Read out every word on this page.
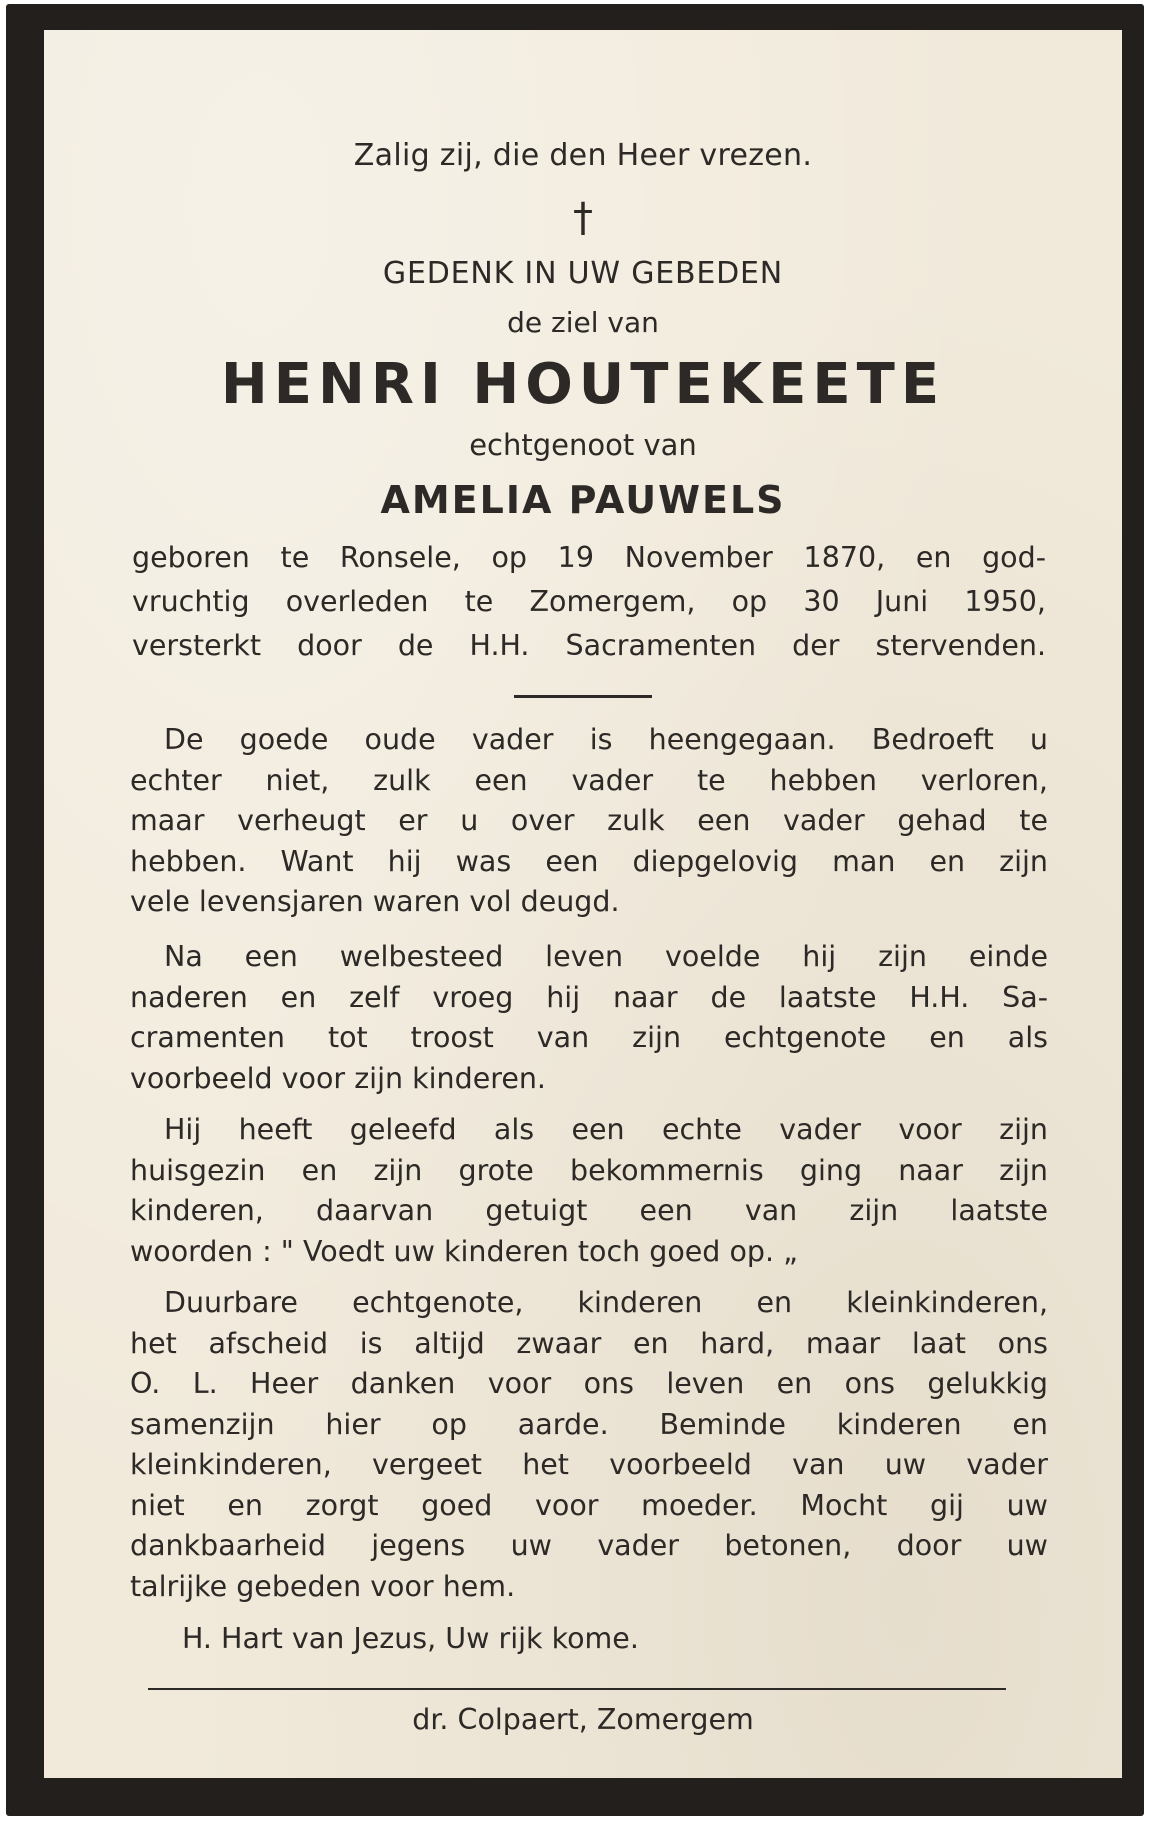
Zalig zij, die den Heer vrezen.
†
GEDENK IN UW GEBEDEN
de ziel van
HENRI HOUTEKEETE
echtgenoot van
AMELIA PAUWELS
geboren te Ronsele, op 19 November 1870, en god-
vruchtig overleden te Zomergem, op 30 Juni 1950,
versterkt door de H.H. Sacramenten der stervenden.
De goede oude vader is heengegaan. Bedroeft u
echter niet, zulk een vader te hebben verloren,
maar verheugt er u over zulk een vader gehad te
hebben. Want hij was een diepgelovig man en zijn
vele levensjaren waren vol deugd.
Na een welbesteed leven voelde hij zijn einde
naderen en zelf vroeg hij naar de laatste H.H. Sa-
cramenten tot troost van zijn echtgenote en als
voorbeeld voor zijn kinderen.
Hij heeft geleefd als een echte vader voor zijn
huisgezin en zijn grote bekommernis ging naar zijn
kinderen, daarvan getuigt een van zijn laatste
woorden : " Voedt uw kinderen toch goed op. „
Duurbare echtgenote, kinderen en kleinkinderen,
het afscheid is altijd zwaar en hard, maar laat ons
O. L. Heer danken voor ons leven en ons gelukkig
samenzijn hier op aarde. Beminde kinderen en
kleinkinderen, vergeet het voorbeeld van uw vader
niet en zorgt goed voor moeder. Mocht gij uw
dankbaarheid jegens uw vader betonen, door uw
talrijke gebeden voor hem.
H. Hart van Jezus, Uw rijk kome.
dr. Colpaert, Zomergem
